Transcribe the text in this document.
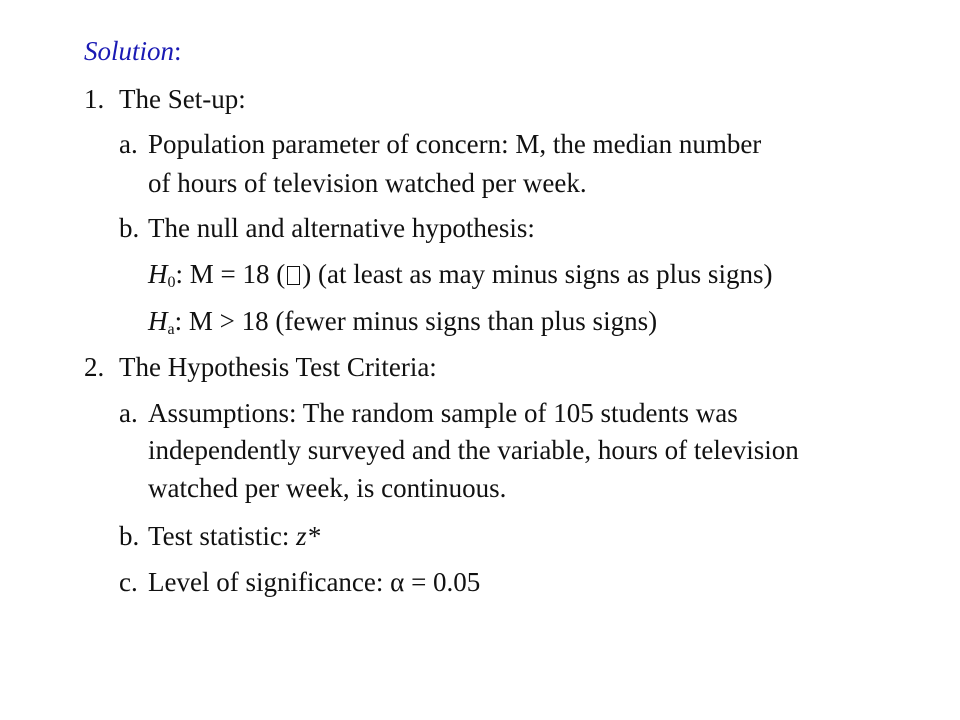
Solution:
1. The Set-up:
a. Population parameter of concern: M, the median number
of hours of television watched per week.
b. The null and alternative hypothesis:
$H_0$: M = 18 ( ) (at least as may minus signs as plus signs)
$H_a$: M > 18 (fewer minus signs than plus signs)
2. The Hypothesis Test Criteria:
a. Assumptions: The random sample of 105 students was
independently surveyed and the variable, hours of television
watched per week, is continuous.
b. Test statistic: z*
c. Level of significance: α = 0.05
